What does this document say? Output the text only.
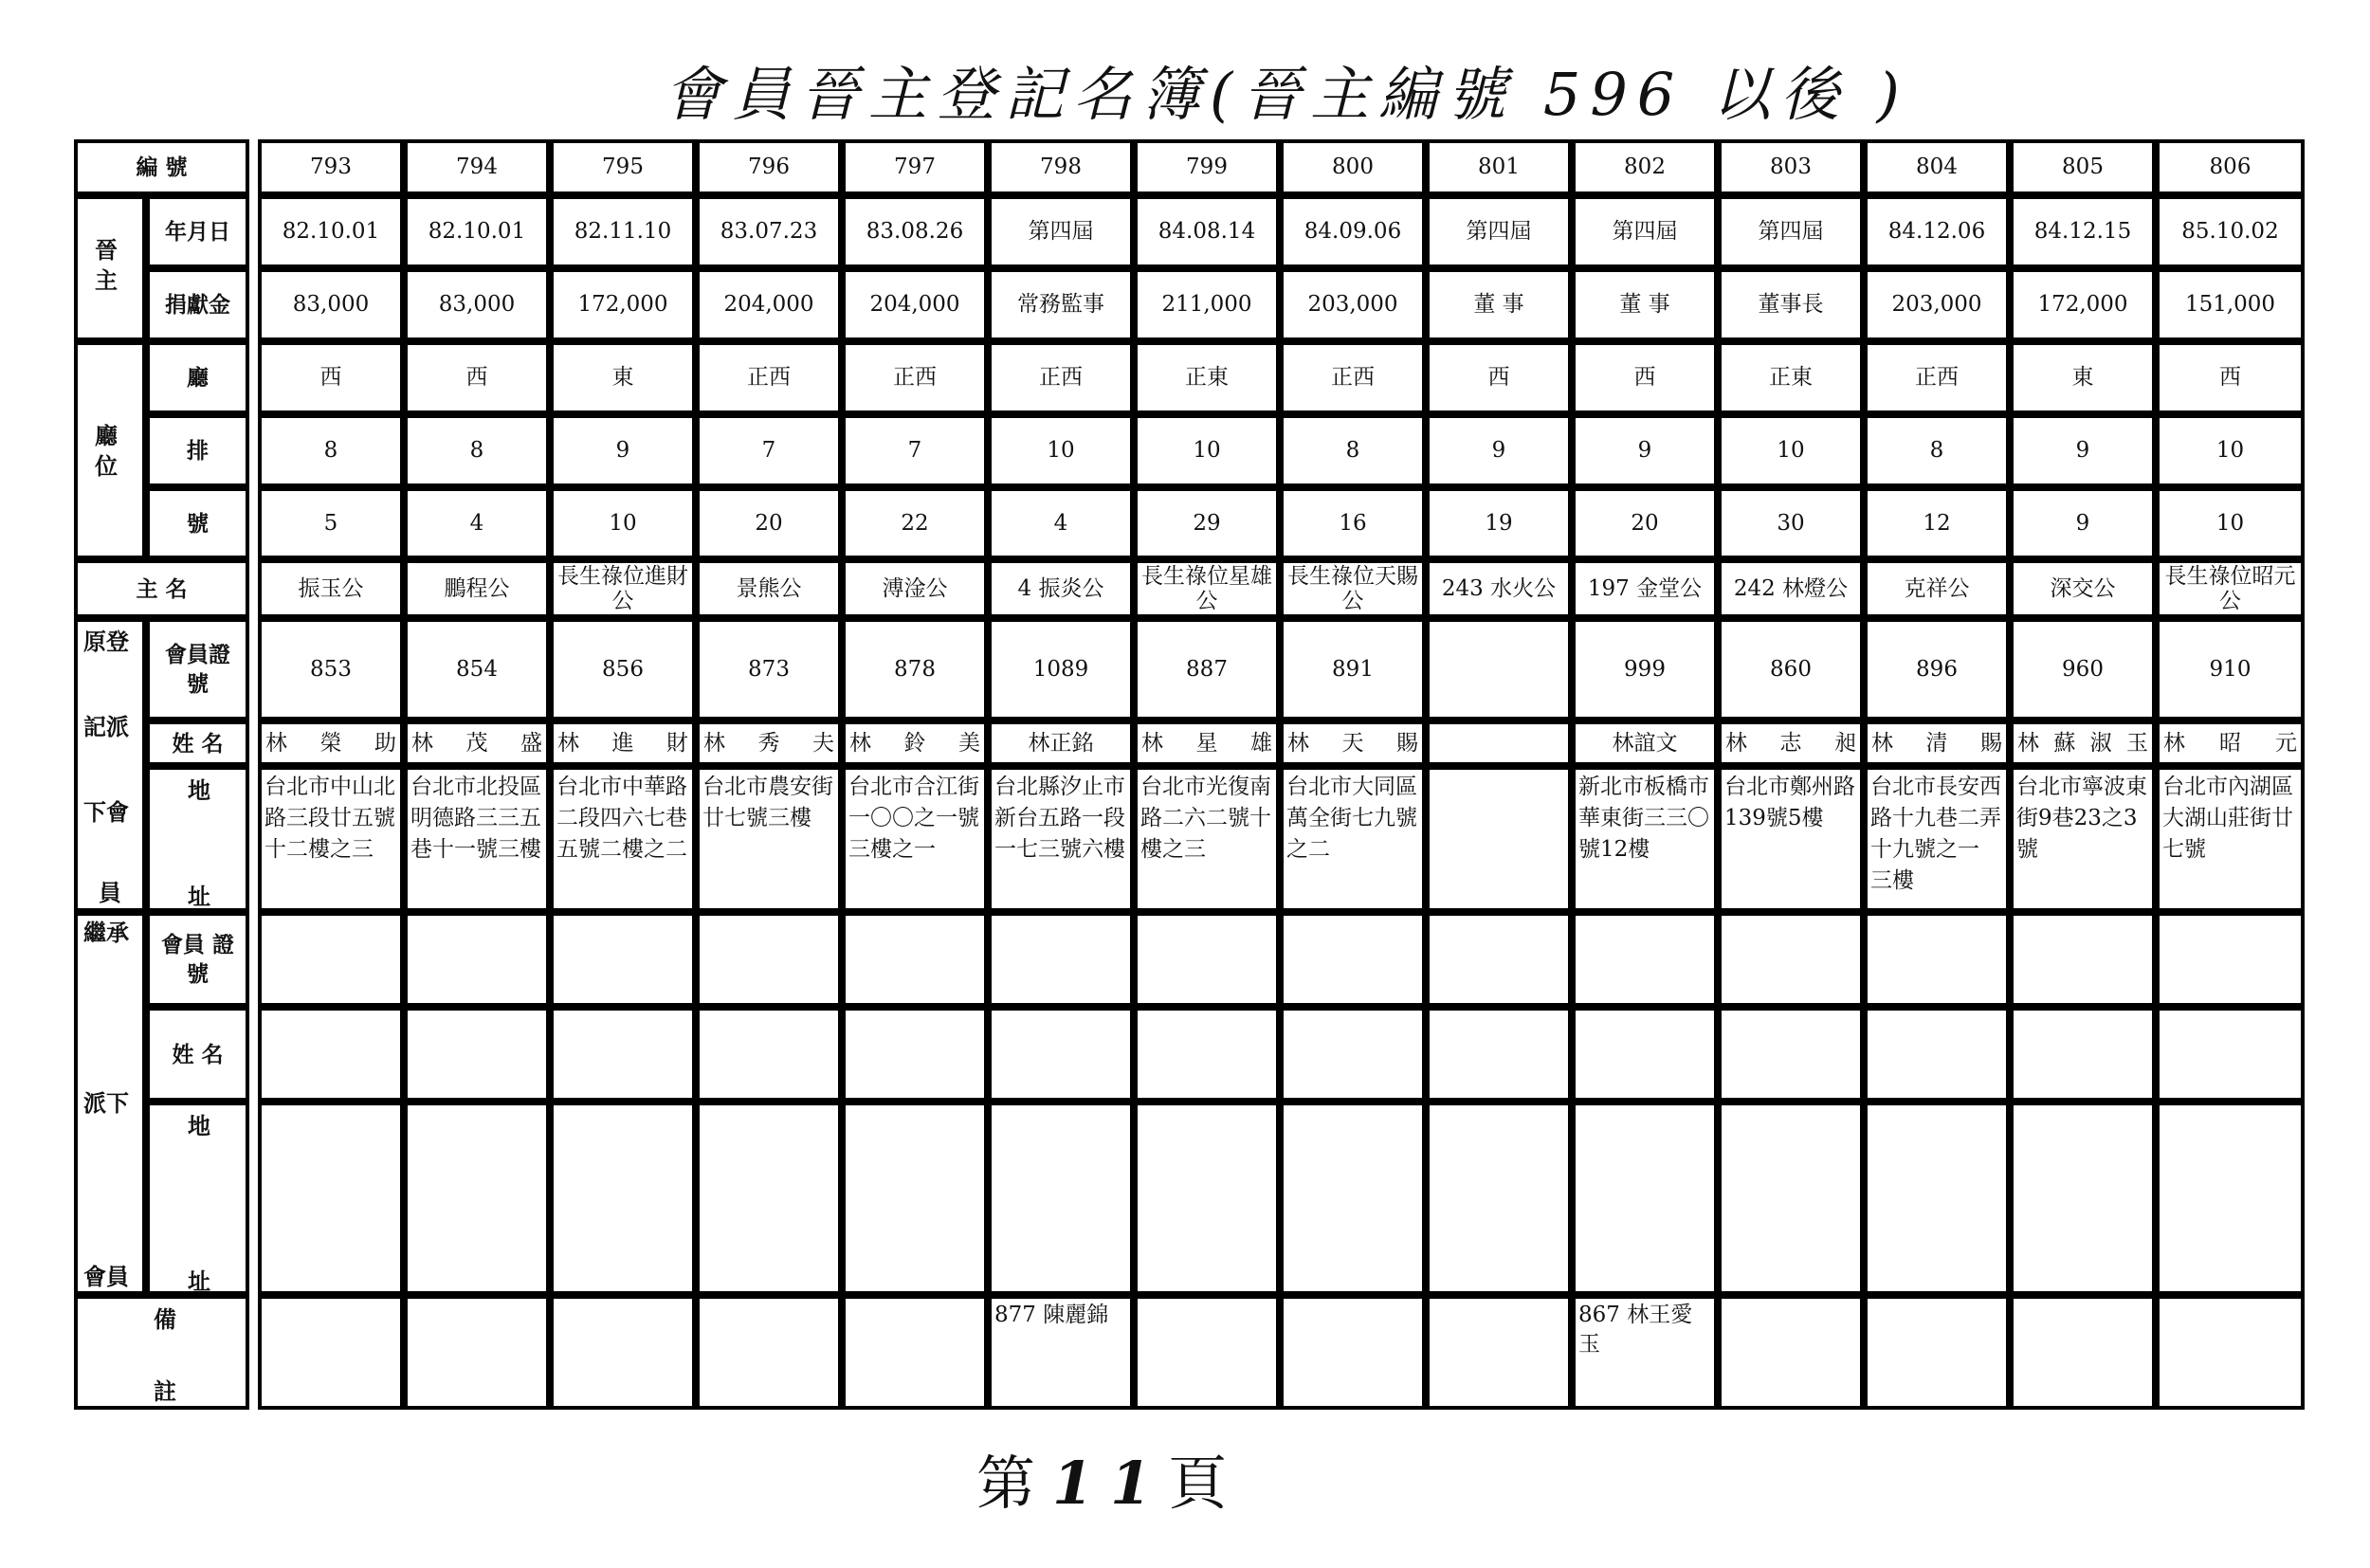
會員晉主登記名簿(晉主編號 596 以後 )
編 號
晉主
年月日
捐獻金
廳位
廳
排
號
主 名
原登
記派
下會
員
會員證號
姓 名
地
址
繼承
派下
會員
會員 證號
姓 名
地
址
備
註
793
82.10.01
83,000
西
8
5
振玉公
853
林 榮 助
台北市中山北路三段廿五號十二樓之三
794
82.10.01
83,000
西
8
4
鵬程公
854
林 茂 盛
台北市北投區明德路三三五巷十一號三樓
795
82.11.10
172,000
東
9
10
長生祿位進財公
856
林 進 財
台北市中華路二段四六七巷五號二樓之二
796
83.07.23
204,000
正西
7
20
景熊公
873
林 秀 夫
台北市農安街廿七號三樓
797
83.08.26
204,000
正西
7
22
溥淦公
878
林 鈴 美
台北市合江街一〇〇之一號三樓之一
798
第四屆
常務監事
正西
10
4
4 振炎公
1089
林正銘
台北縣汐止市新台五路一段一七三號六樓
877 陳麗錦
799
84.08.14
211,000
正東
10
29
長生祿位星雄公
887
林 星 雄
台北市光復南路二六二號十樓之三
800
84.09.06
203,000
正西
8
16
長生祿位天賜公
891
林 天 賜
台北市大同區萬全街七九號之二
801
第四屆
董 事
西
9
19
243 水火公
802
第四屆
董 事
西
9
20
197 金堂公
999
林誼文
新北市板橋市華東街三三〇號12樓
867 林王愛玉
803
第四屆
董事長
正東
10
30
242 林燈公
860
林 志 昶
台北市鄭州路139號5樓
804
84.12.06
203,000
正西
8
12
克祥公
896
林 清 賜
台北市長安西路十九巷二弄十九號之一 三樓
805
84.12.15
172,000
東
9
9
深交公
960
林 蘇 淑 玉
台北市寧波東街9巷23之3號
806
85.10.02
151,000
西
10
10
長生祿位昭元公
910
林 昭 元
台北市內湖區大湖山莊街廿七號
第11頁
